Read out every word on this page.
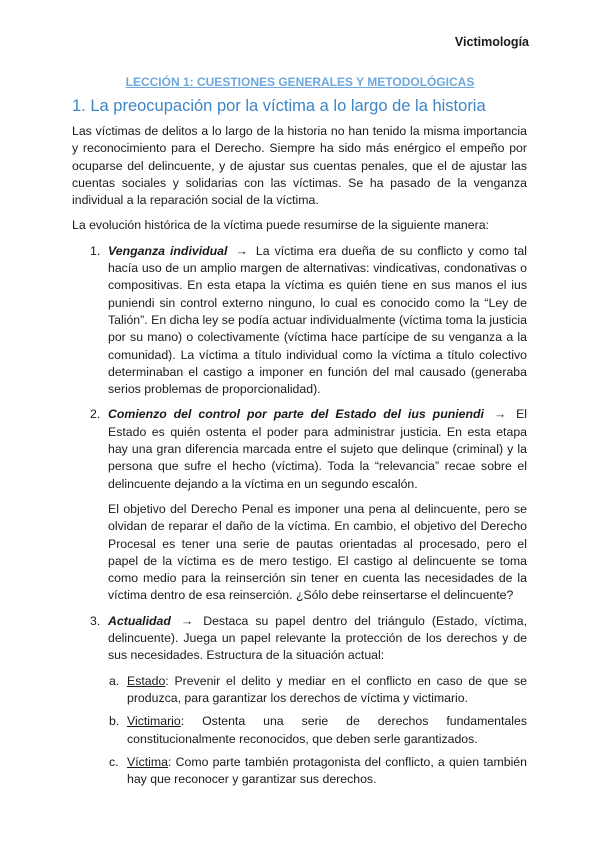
Victimología
LECCIÓN 1: CUESTIONES GENERALES Y METODOLÓGICAS
1. La preocupación por la víctima a lo largo de la historia

Las víctimas de delitos a lo largo de la historia no han tenido la misma importancia y reconocimiento para el Derecho. Siempre ha sido más enérgico el empeño por ocuparse del delincuente, y de ajustar sus cuentas penales, que el de ajustar las cuentas sociales y solidarias con las víctimas. Se ha pasado de la venganza individual a la reparación social de la víctima.

La evolución histórica de la víctima puede resumirse de la siguiente manera:

1. Venganza individual → La víctima era dueña de su conflicto y como tal hacía uso de un amplio margen de alternativas: vindicativas, condonativas o compositivas. En esta etapa la víctima es quién tiene en sus manos el ius puniendi sin control externo ninguno, lo cual es conocido como la “Ley de Talión”. En dicha ley se podía actuar individualmente (víctima toma la justicia por su mano) o colectivamente (víctima hace partícipe de su venganza a la comunidad). La víctima a título individual como la víctima a título colectivo determinaban el castigo a imponer en función del mal causado (generaba serios problemas de proporcionalidad).

2. Comienzo del control por parte del Estado del ius puniendi → El Estado es quién ostenta el poder para administrar justicia. En esta etapa hay una gran diferencia marcada entre el sujeto que delinque (criminal) y la persona que sufre el hecho (víctima). Toda la “relevancia” recae sobre el delincuente dejando a la víctima en un segundo escalón.

El objetivo del Derecho Penal es imponer una pena al delincuente, pero se olvidan de reparar el daño de la víctima. En cambio, el objetivo del Derecho Procesal es tener una serie de pautas orientadas al procesado, pero el papel de la víctima es de mero testigo. El castigo al delincuente se toma como medio para la reinserción sin tener en cuenta las necesidades de la víctima dentro de esa reinserción. ¿Sólo debe reinsertarse el delincuente?

3. Actualidad → Destaca su papel dentro del triángulo (Estado, víctima, delincuente). Juega un papel relevante la protección de los derechos y de sus necesidades. Estructura de la situación actual:

a. Estado: Prevenir el delito y mediar en el conflicto en caso de que se produzca, para garantizar los derechos de víctima y victimario.
b. Victimario: Ostenta una serie de derechos fundamentales constitucionalmente reconocidos, que deben serle garantizados.
c. Víctima: Como parte también protagonista del conflicto, a quien también hay que reconocer y garantizar sus derechos.
